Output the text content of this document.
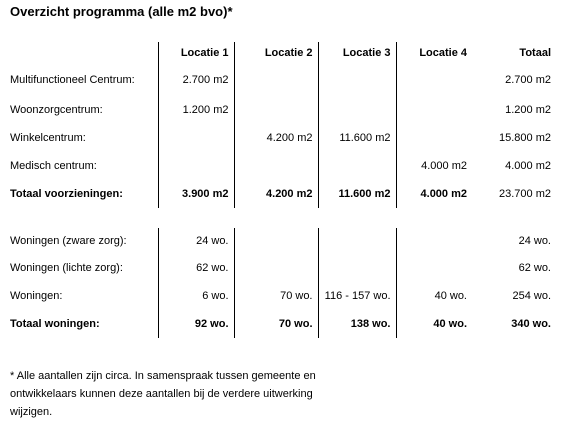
Overzicht programma (alle m2 bvo)*
	Locatie 1	Locatie 2	Locatie 3	Locatie 4	Totaal
Multifunctioneel Centrum:	2.700 m2				2.700 m2
Woonzorgcentrum:	1.200 m2				1.200 m2
Winkelcentrum:		4.200 m2	11.600 m2		15.800 m2
Medisch centrum:				4.000 m2	4.000 m2
Totaal voorzieningen:	3.900 m2	4.200 m2	11.600 m2	4.000 m2	23.700 m2

Woningen (zware zorg):	24 wo.				24 wo.
Woningen (lichte zorg):	62 wo.				62 wo.
Woningen:	6 wo.	70 wo.	116 - 157 wo.	40 wo.	254 wo.
Totaal woningen:	92 wo.	70 wo.	138 wo.	40 wo.	340 wo.
* Alle aantallen zijn circa. In samenspraak tussen gemeente en ontwikkelaars kunnen deze aantallen bij de verdere uitwerking wijzigen.
